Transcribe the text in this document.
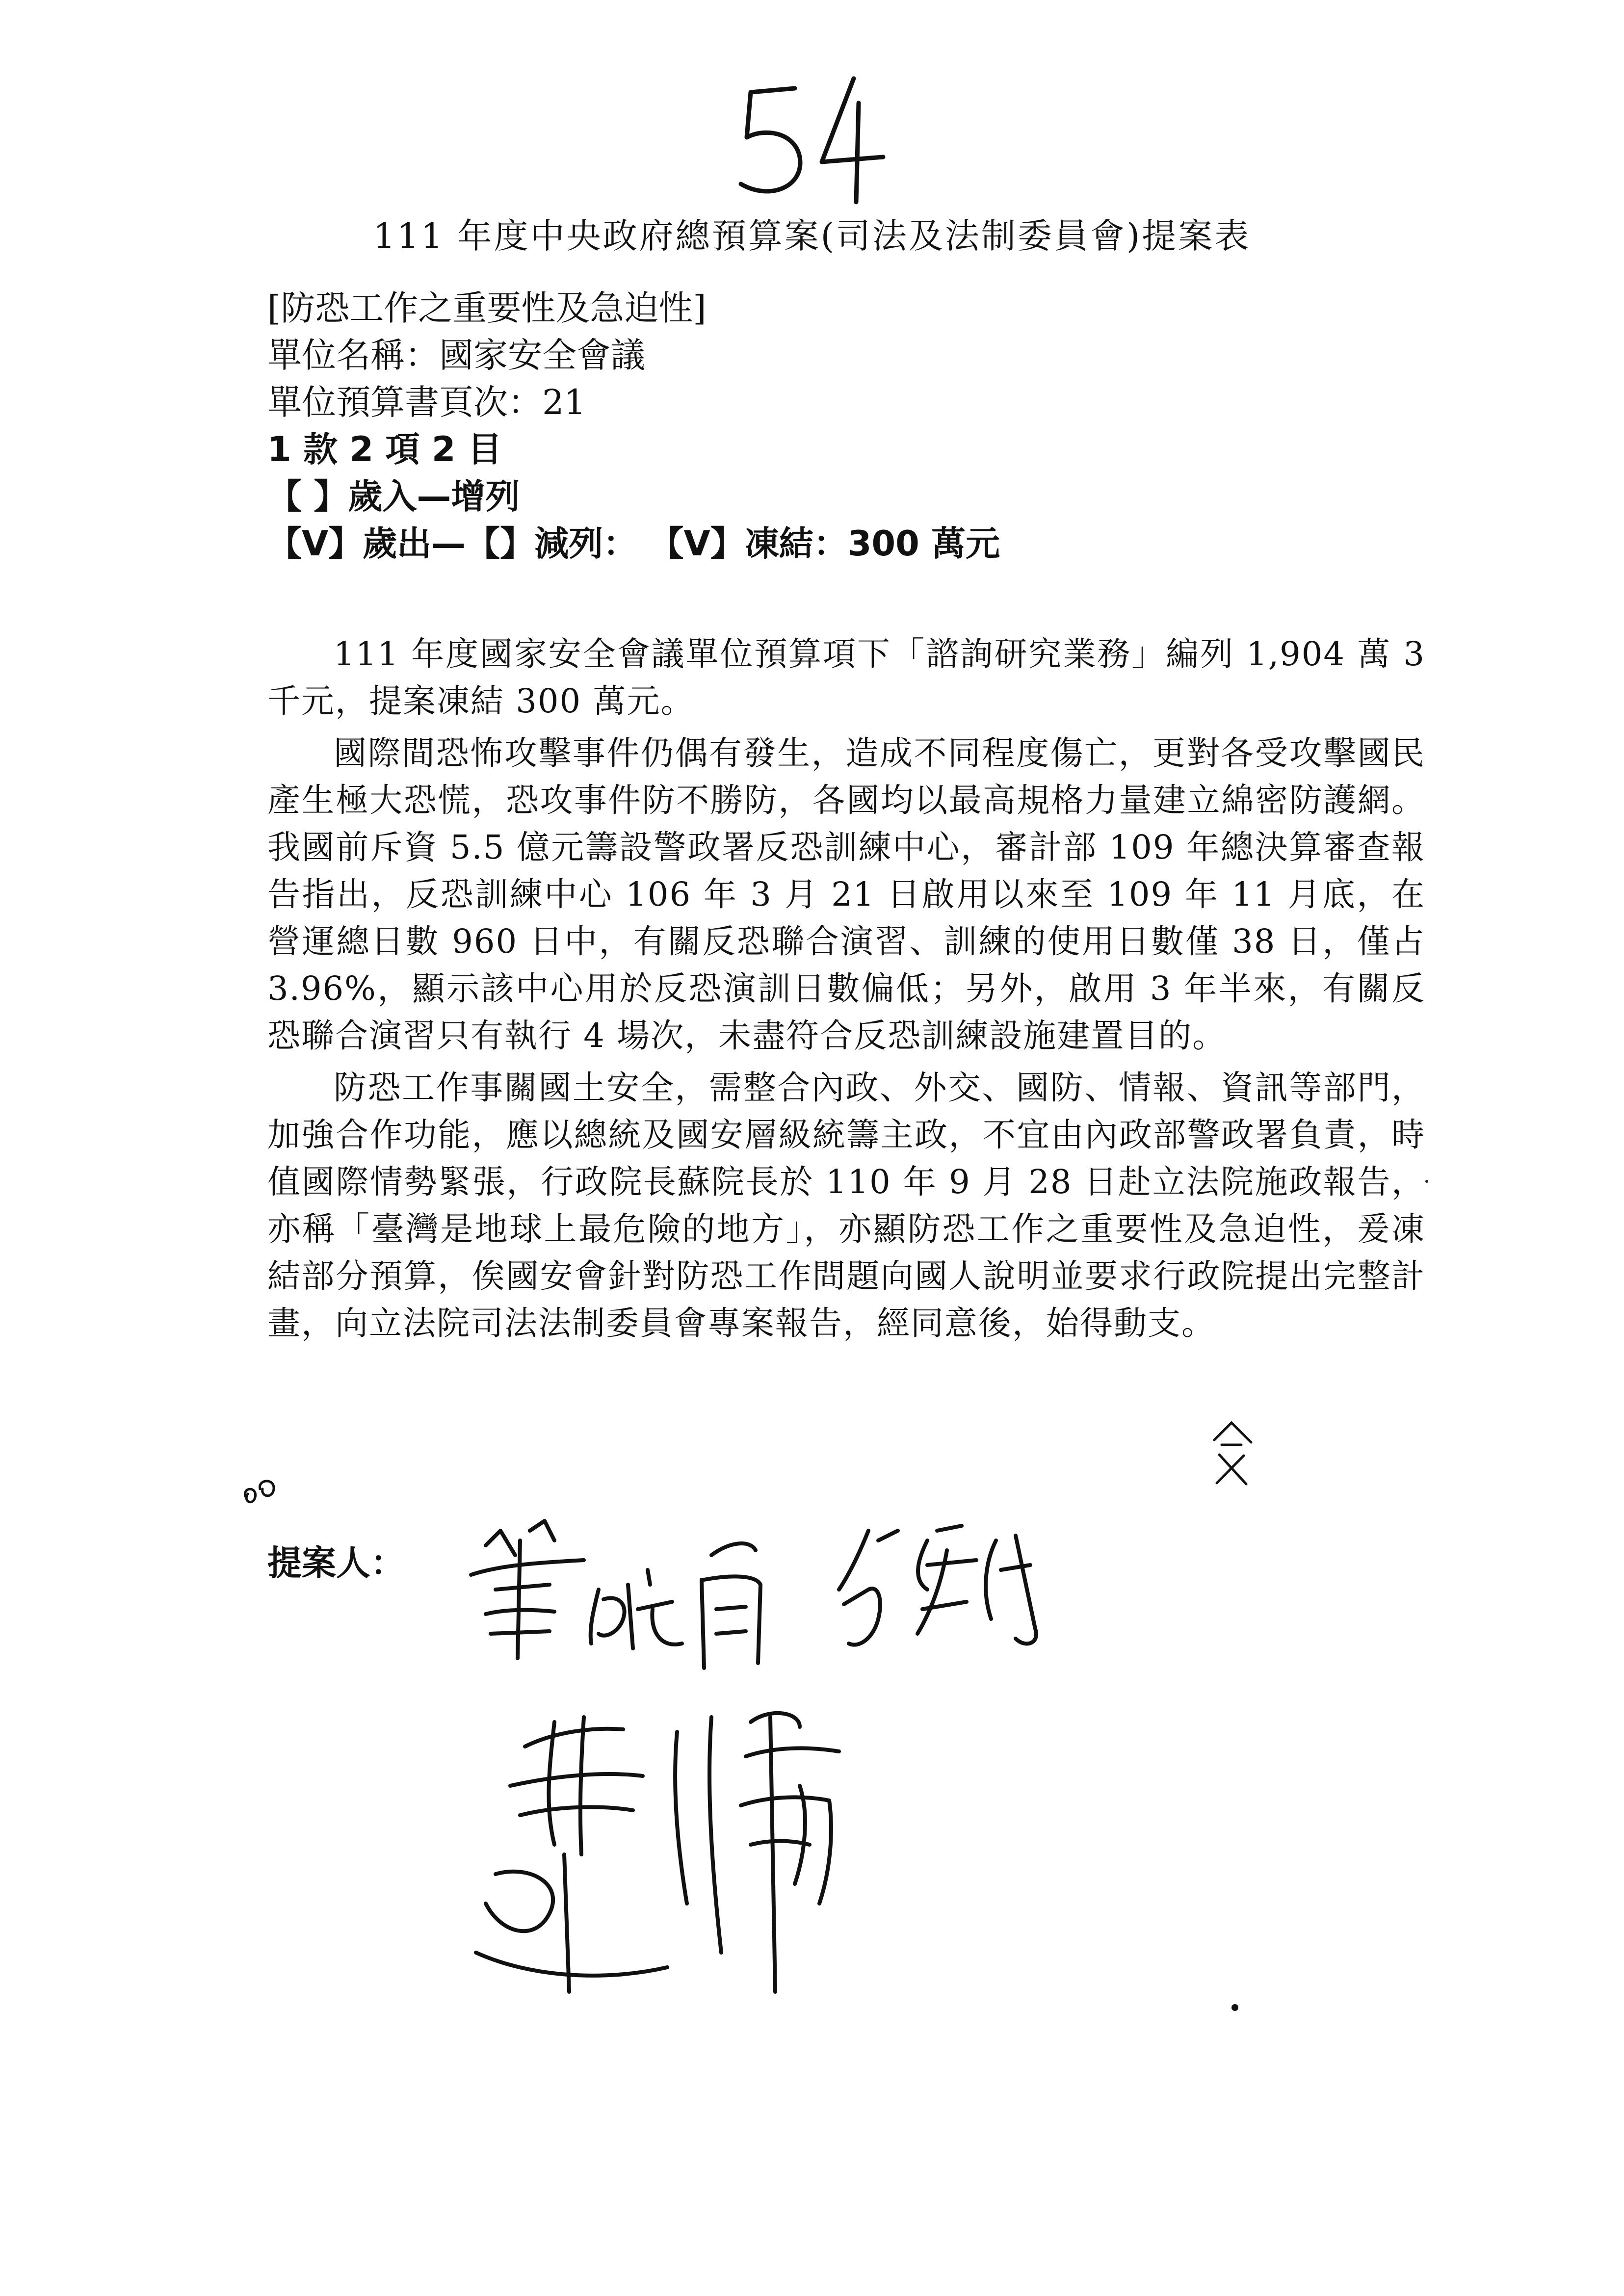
111 年度中央政府總預算案(司法及法制委員會)提案表
[防恐工作之重要性及急迫性]
單位名稱：國家安全會議
單位預算書頁次：21
1 款 2 項 2 目
【 】歲入—增列
【V】歲出—【】減列： 【V】凍結：300 萬元

111 年度國家安全會議單位預算項下「諮詢研究業務」編列 1,904 萬 3 千元，提案凍結 300 萬元。

國際間恐怖攻擊事件仍偶有發生，造成不同程度傷亡，更對各受攻擊國民產生極大恐慌，恐攻事件防不勝防，各國均以最高規格力量建立綿密防護網。我國前斥資 5.5 億元籌設警政署反恐訓練中心，審計部 109 年總決算審查報告指出，反恐訓練中心 106 年 3 月 21 日啟用以來至 109 年 11 月底，在營運總日數 960 日中，有關反恐聯合演習、訓練的使用日數僅 38 日，僅占 3.96%，顯示該中心用於反恐演訓日數偏低；另外，啟用 3 年半來，有關反恐聯合演習只有執行 4 場次，未盡符合反恐訓練設施建置目的。

防恐工作事關國土安全，需整合內政、外交、國防、情報、資訊等部門，加強合作功能，應以總統及國安層級統籌主政，不宜由內政部警政署負責，時值國際情勢緊張，行政院長蘇院長於 110 年 9 月 28 日赴立法院施政報告，亦稱「臺灣是地球上最危險的地方」，亦顯防恐工作之重要性及急迫性，爰凍結部分預算，俟國安會針對防恐工作問題向國人說明並要求行政院提出完整計畫，向立法院司法法制委員會專案報告，經同意後，始得動支。

提案人：
